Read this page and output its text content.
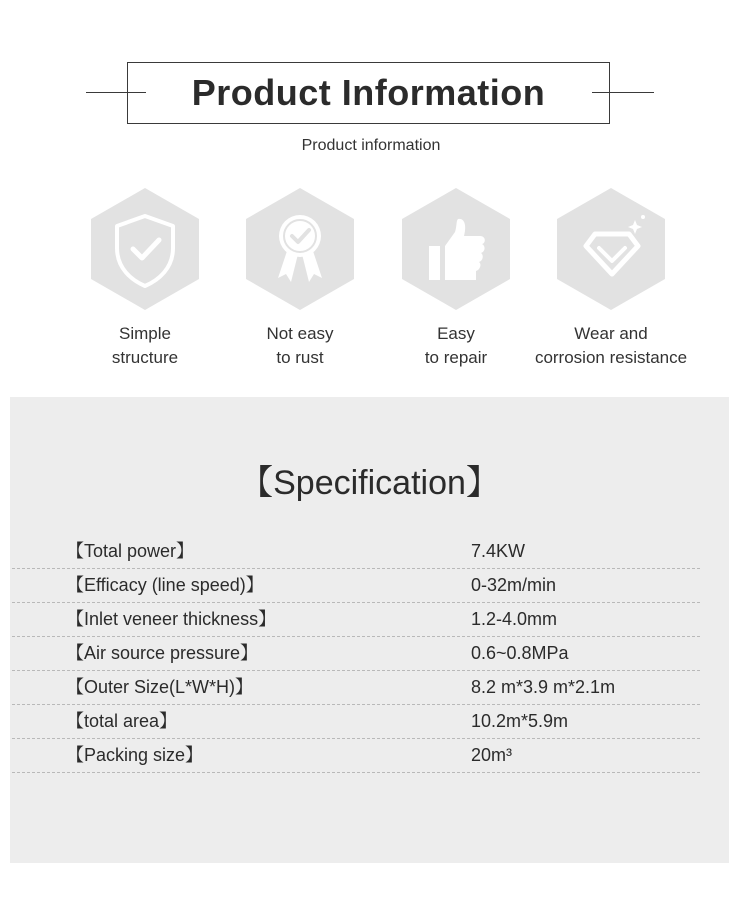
Product Information
Product information
Simple
structure
Not easy
to rust
Easy
to repair
Wear and
corrosion resistance
【Specification】
【Total power】	7.4KW
【Efficacy (line speed)】	0-32m/min
【Inlet veneer thickness】	1.2-4.0mm
【Air source pressure】	0.6~0.8MPa
【Outer Size(L*W*H)】	8.2 m*3.9 m*2.1m
【total area】	10.2m*5.9m
【Packing size】	20m³
